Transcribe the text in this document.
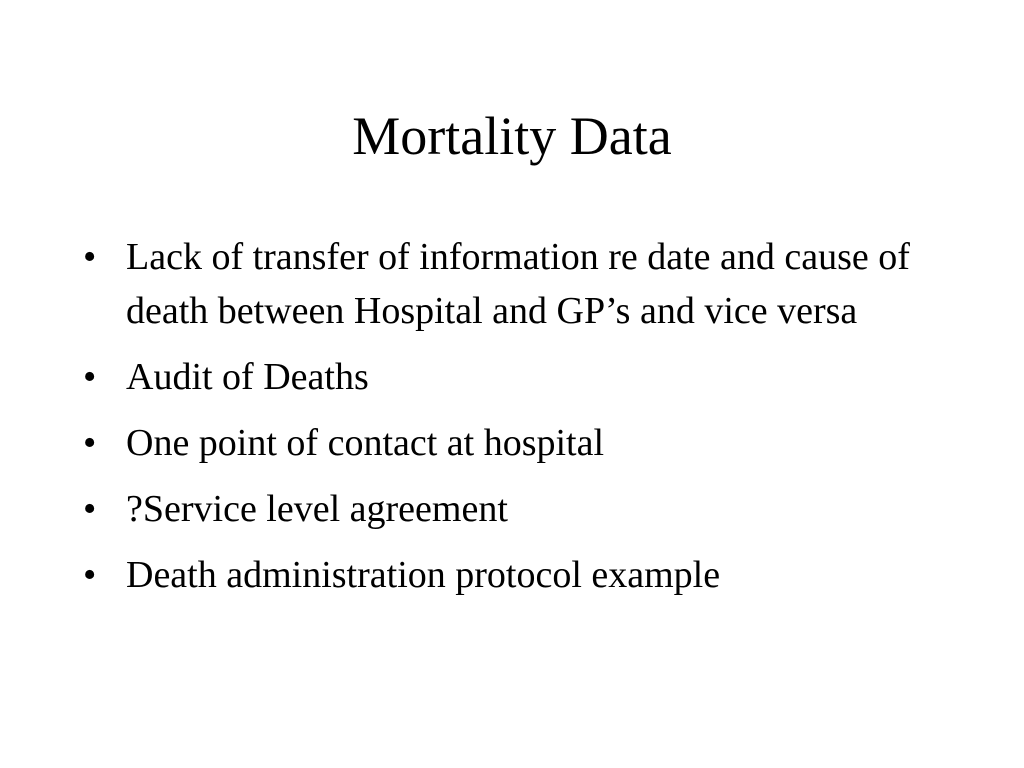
Mortality Data
• Lack of transfer of information re date and cause of death between Hospital and GP’s and vice versa
• Audit of Deaths
• One point of contact at hospital
• ?Service level agreement
• Death administration protocol example
